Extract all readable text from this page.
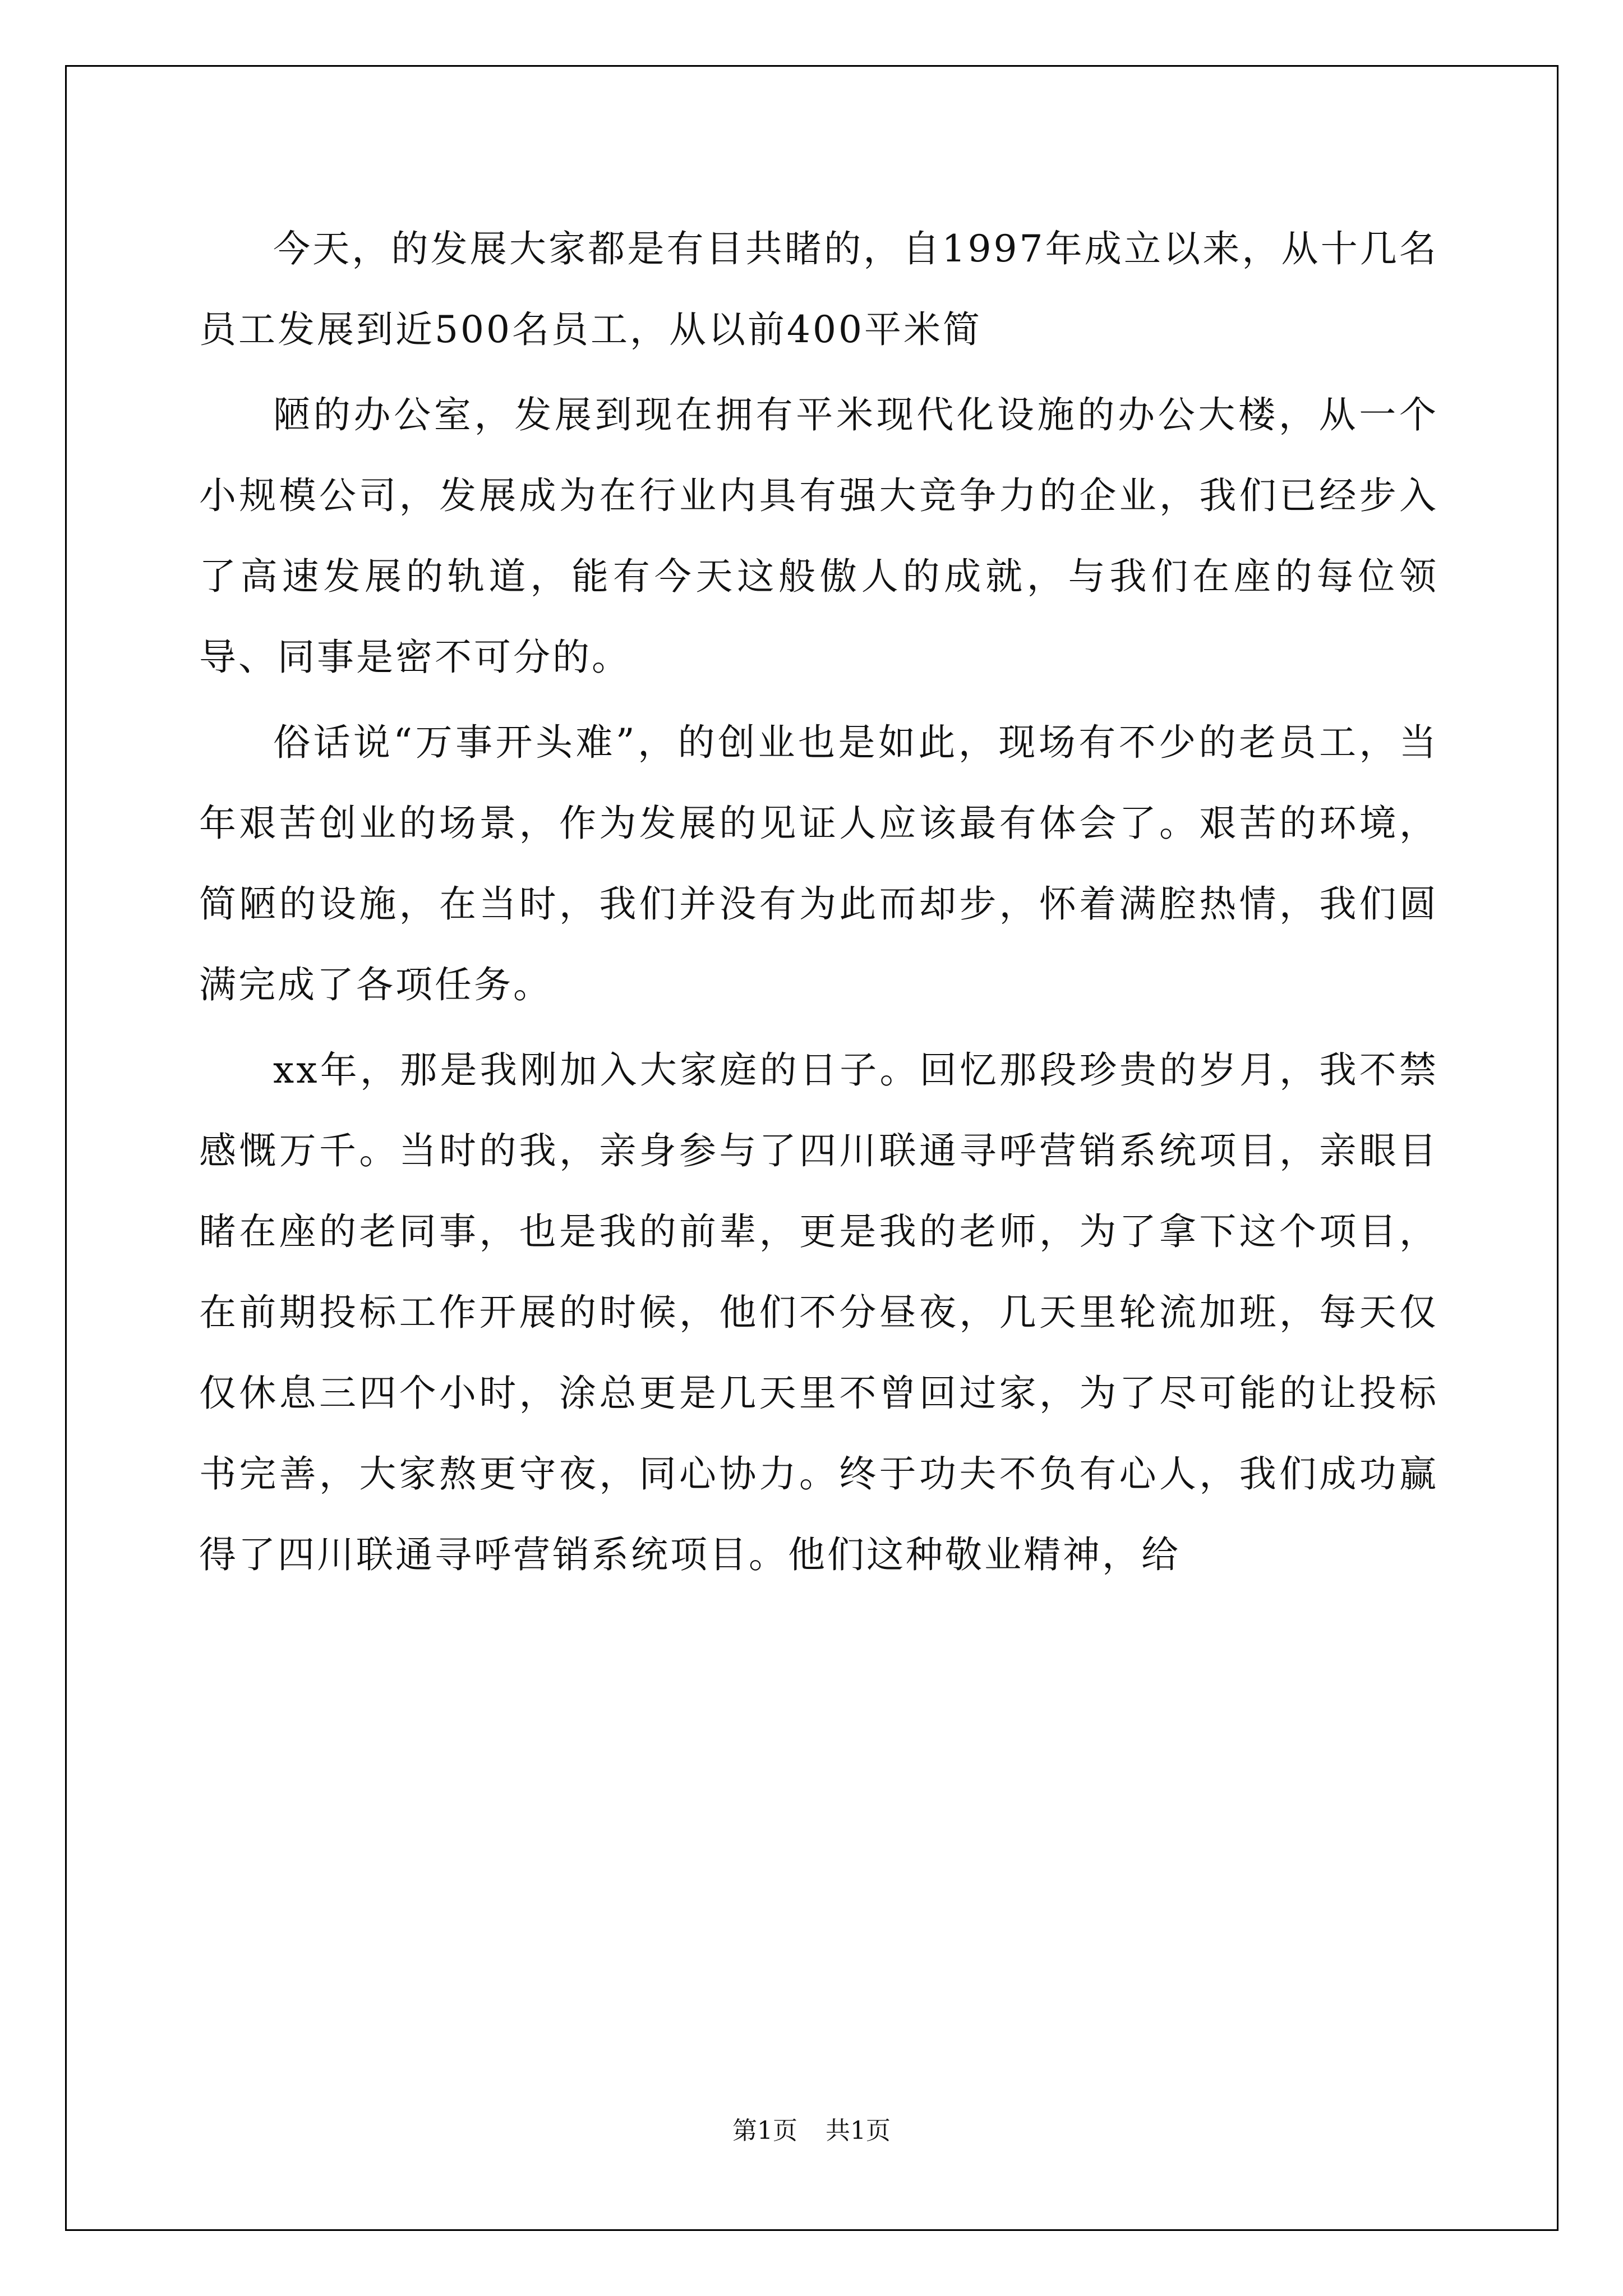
今天，的发展大家都是有目共睹的，自1997年成立以来，从十几名员工发展到近500名员工，从以前400平米简

陋的办公室，发展到现在拥有平米现代化设施的办公大楼，从一个小规模公司，发展成为在行业内具有强大竞争力的企业，我们已经步入了高速发展的轨道，能有今天这般傲人的成就，与我们在座的每位领导、同事是密不可分的。

俗话说“万事开头难”，的创业也是如此，现场有不少的老员工，当年艰苦创业的场景，作为发展的见证人应该最有体会了。艰苦的环境，简陋的设施，在当时，我们并没有为此而却步，怀着满腔热情，我们圆满完成了各项任务。

xx年，那是我刚加入大家庭的日子。回忆那段珍贵的岁月，我不禁感慨万千。当时的我，亲身参与了四川联通寻呼营销系统项目，亲眼目睹在座的老同事，也是我的前辈，更是我的老师，为了拿下这个项目，在前期投标工作开展的时候，他们不分昼夜，几天里轮流加班，每天仅仅休息三四个小时，涂总更是几天里不曾回过家，为了尽可能的让投标书完善，大家熬更守夜，同心协力。终于功夫不负有心人，我们成功赢得了四川联通寻呼营销系统项目。他们这种敬业精神，给

第1页 共1页
